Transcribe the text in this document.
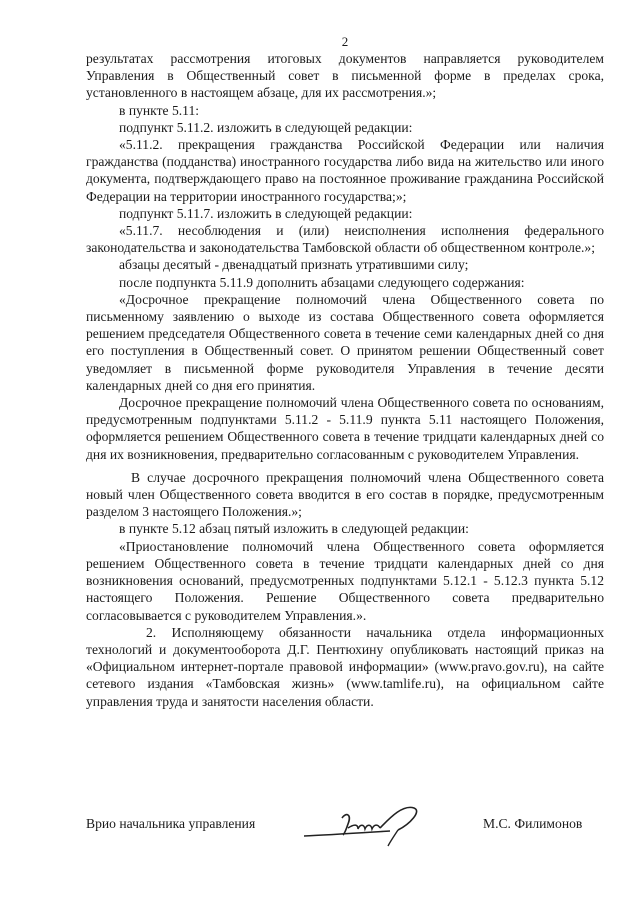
2

результатах рассмотрения итоговых документов направляется руководителем Управления в Общественный совет в письменной форме в пределах срока, установленного в настоящем абзаце, для их рассмотрения.»;

в пункте 5.11:

подпункт 5.11.2. изложить в следующей редакции:

«5.11.2. прекращения гражданства Российской Федерации или наличия гражданства (подданства) иностранного государства либо вида на жительство или иного документа, подтверждающего право на постоянное проживание гражданина Российской Федерации на территории иностранного государства;»;

подпункт 5.11.7. изложить в следующей редакции:

«5.11.7. несоблюдения и (или) неисполнения исполнения федерального законодательства и законодательства Тамбовской области об общественном контроле.»;

абзацы десятый - двенадцатый признать утратившими силу;

после подпункта 5.11.9 дополнить абзацами следующего содержания:

«Досрочное прекращение полномочий члена Общественного совета по письменному заявлению о выходе из состава Общественного совета оформляется решением председателя Общественного совета в течение семи календарных дней со дня его поступления в Общественный совет. О принятом решении Общественный совет уведомляет в письменной форме руководителя Управления в течение десяти календарных дней со дня его принятия.

Досрочное прекращение полномочий члена Общественного совета по основаниям, предусмотренным подпунктами 5.11.2 - 5.11.9 пункта 5.11 настоящего Положения, оформляется решением Общественного совета в течение тридцати календарных дней со дня их возникновения, предварительно согласованным с руководителем Управления.

В случае досрочного прекращения полномочий члена Общественного совета новый член Общественного совета вводится в его состав в порядке, предусмотренным разделом 3 настоящего Положения.»;

в пункте 5.12 абзац пятый изложить в следующей редакции:

«Приостановление полномочий члена Общественного совета оформляется решением Общественного совета в течение тридцати календарных дней со дня возникновения оснований, предусмотренных подпунктами 5.12.1 - 5.12.3 пункта 5.12 настоящего Положения. Решение Общественного совета предварительно согласовывается с руководителем Управления.».

2. Исполняющему обязанности начальника отдела информационных технологий и документооборота Д.Г. Пентюхину опубликовать настоящий приказ на «Официальном интернет-портале правовой информации» (www.pravo.gov.ru), на сайте сетевого издания «Тамбовская жизнь» (www.tamlife.ru), на официальном сайте управления труда и занятости населения области.

Врио начальника управления	М.С. Филимонов
